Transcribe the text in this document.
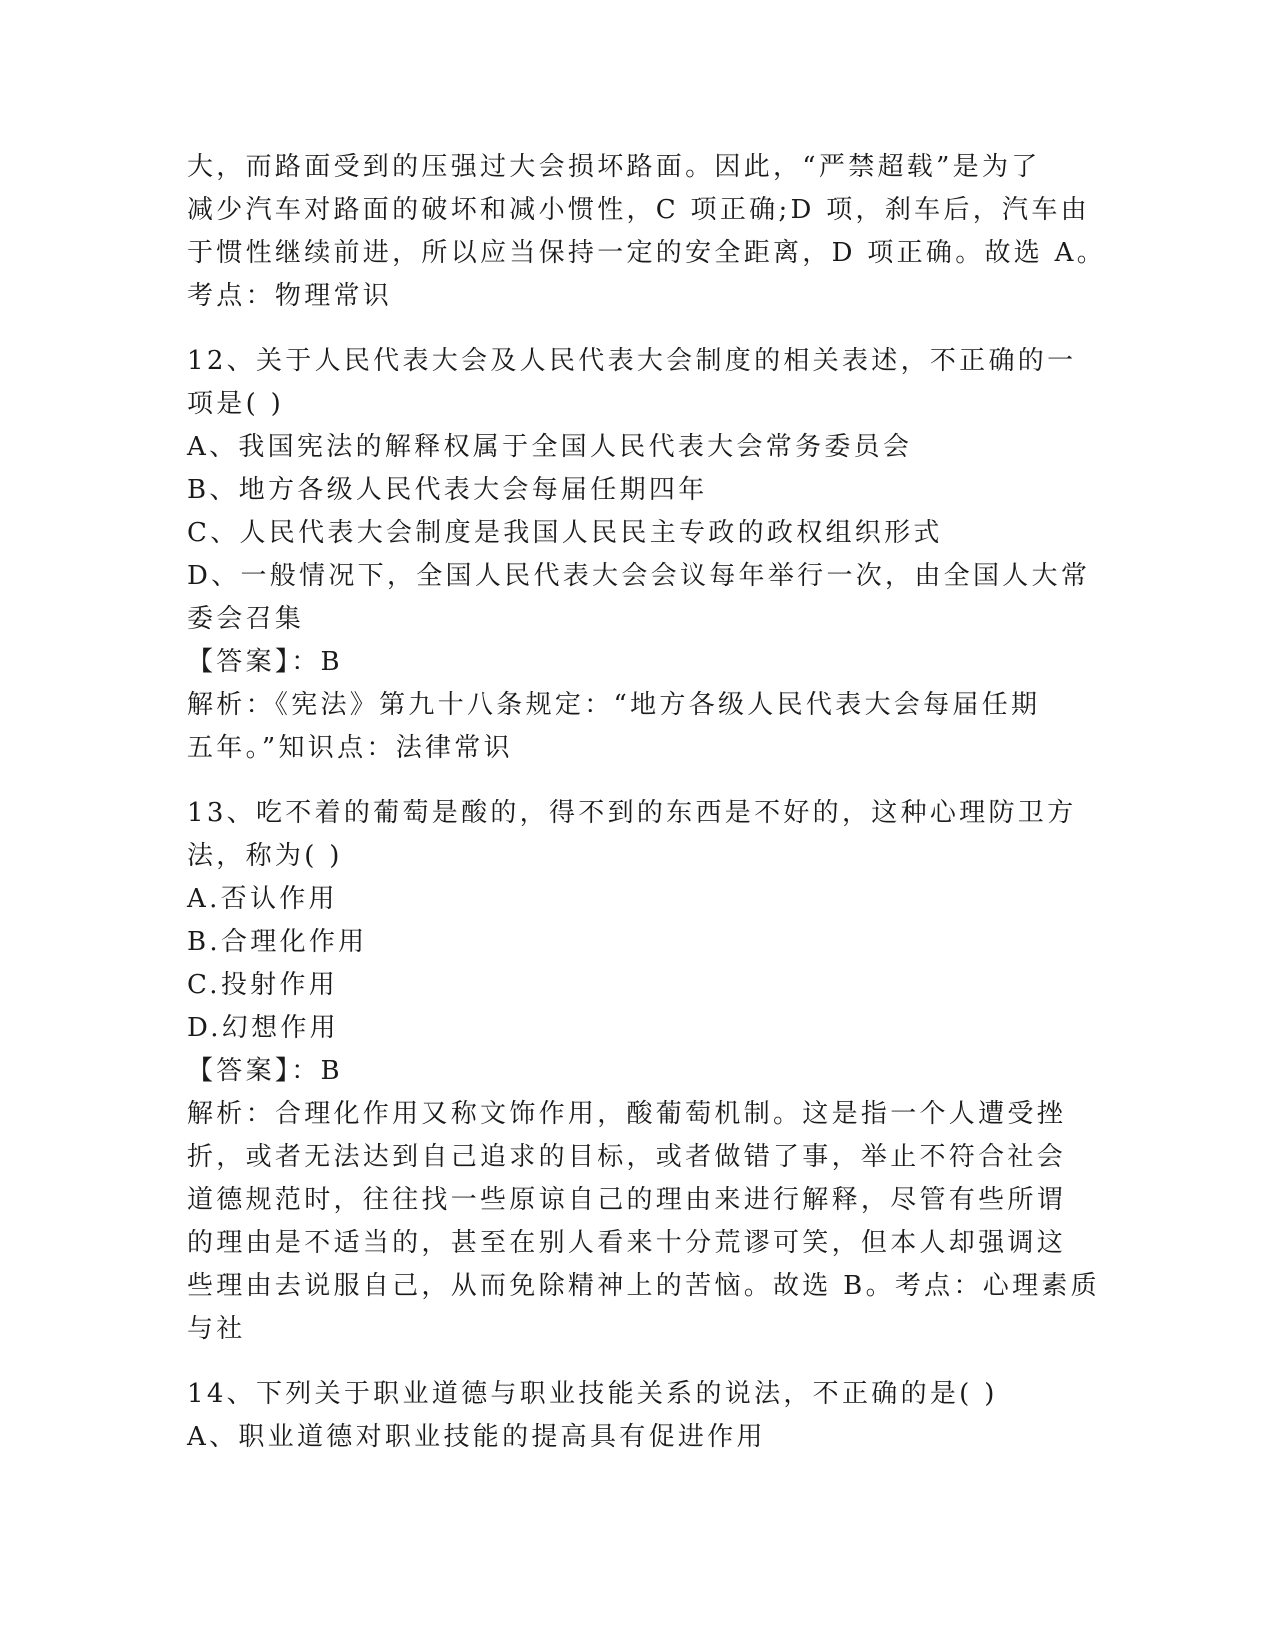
大，而路面受到的压强过大会损坏路面。因此，“严禁超载”是为了
减少汽车对路面的破坏和减小惯性，C 项正确;D 项，刹车后，汽车由
于惯性继续前进，所以应当保持一定的安全距离，D 项正确。故选 A。
考点：物理常识
12、关于人民代表大会及人民代表大会制度的相关表述，不正确的一
项是( )
A、我国宪法的解释权属于全国人民代表大会常务委员会
B、地方各级人民代表大会每届任期四年
C、人民代表大会制度是我国人民民主专政的政权组织形式
D、一般情况下，全国人民代表大会会议每年举行一次，由全国人大常
委会召集
【答案】：B
解析：《宪法》第九十八条规定：“地方各级人民代表大会每届任期
五年。”知识点：法律常识
13、吃不着的葡萄是酸的，得不到的东西是不好的，这种心理防卫方
法，称为( )
A.否认作用
B.合理化作用
C.投射作用
D.幻想作用
【答案】：B
解析：合理化作用又称文饰作用，酸葡萄机制。这是指一个人遭受挫
折，或者无法达到自己追求的目标，或者做错了事，举止不符合社会
道德规范时，往往找一些原谅自己的理由来进行解释，尽管有些所谓
的理由是不适当的，甚至在别人看来十分荒谬可笑，但本人却强调这
些理由去说服自己，从而免除精神上的苦恼。故选 B。考点：心理素质
与社
14、下列关于职业道德与职业技能关系的说法，不正确的是( )
A、职业道德对职业技能的提高具有促进作用
